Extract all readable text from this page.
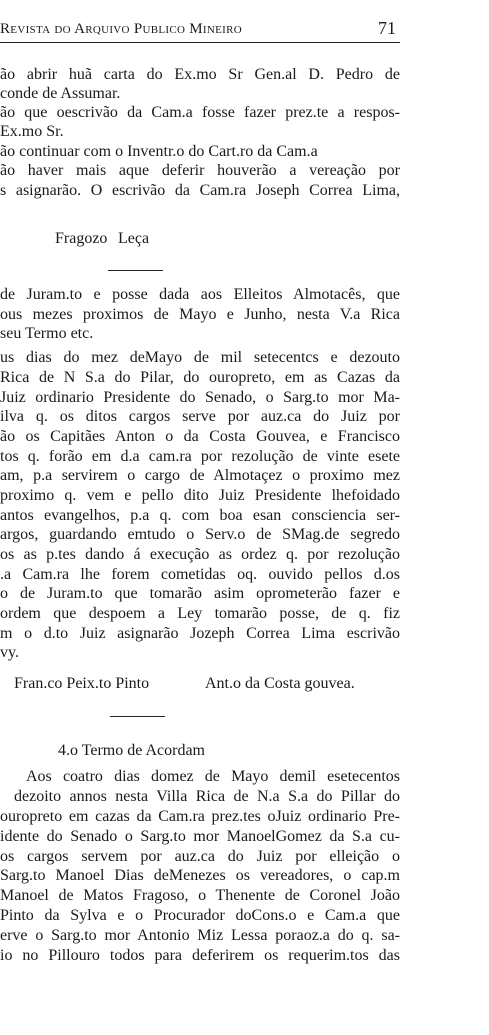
Revista do Arquivo Publico Mineiro	71
ão abrir huã carta do Ex.mo Sr Gen.al D. Pedro de
conde de Assumar.
ão que oescrivão da Cam.a fosse fazer prez.te a respos-
Ex.mo Sr.
ão continuar com o Inventr.o do Cart.ro da Cam.a
ão haver mais aque deferir houverão a vereação por
s asignarão. O escrivão da Cam.ra Joseph Correa Lima,
Fragozo Leça
de Juram.to e posse dada aos Elleitos Almotacês, que
ous mezes proximos de Mayo e Junho, nesta V.a Rica
seu Termo etc.
us dias do mez deMayo de mil setecentcs e dezouto
Rica de N S.a do Pilar, do ouropreto, em as Cazas da
Juiz ordinario Presidente do Senado, o Sarg.to mor Ma-
ilva q. os ditos cargos serve por auz.ca do Juiz por
ão os Capitães Anton o da Costa Gouvea, e Francisco
tos q. forão em d.a cam.ra por rezolução de vinte esete
am, p.a servirem o cargo de Almotaçez o proximo mez
proximo q. vem e pello dito Juiz Presidente lhefoidado
antos evangelhos, p.a q. com boa esan consciencia ser-
argos, guardando emtudo o Serv.o de SMag.de segredo
os as p.tes dando á execução as ordez q. por rezolução
.a Cam.ra lhe forem cometidas oq. ouvido pellos d.os
o de Juram.to que tomarão asim oprometerão fazer e
ordem que despoem a Ley tomarão posse, de q. fiz
m o d.to Juiz asignarão Jozeph Correa Lima escrivão
vy.
Fran.co Peix.to Pinto	Ant.o da Costa gouvea.
4.o Termo de Acordam
Aos coatro dias domez de Mayo demil esetecentos
dezoito annos nesta Villa Rica de N.a S.a do Pillar do
ouropreto em cazas da Cam.ra prez.tes oJuiz ordinario Pre-
idente do Senado o Sarg.to mor ManoelGomez da S.a cu-
os cargos servem por auz.ca do Juiz por elleição o
Sarg.to Manoel Dias deMenezes os vereadores, o cap.m
Manoel de Matos Fragoso, o Thenente de Coronel João
Pinto da Sylva e o Procurador doCons.o e Cam.a que
erve o Sarg.to mor Antonio Miz Lessa poraoz.a do q. sa-
io no Pillouro todos para deferirem os requerim.tos das
